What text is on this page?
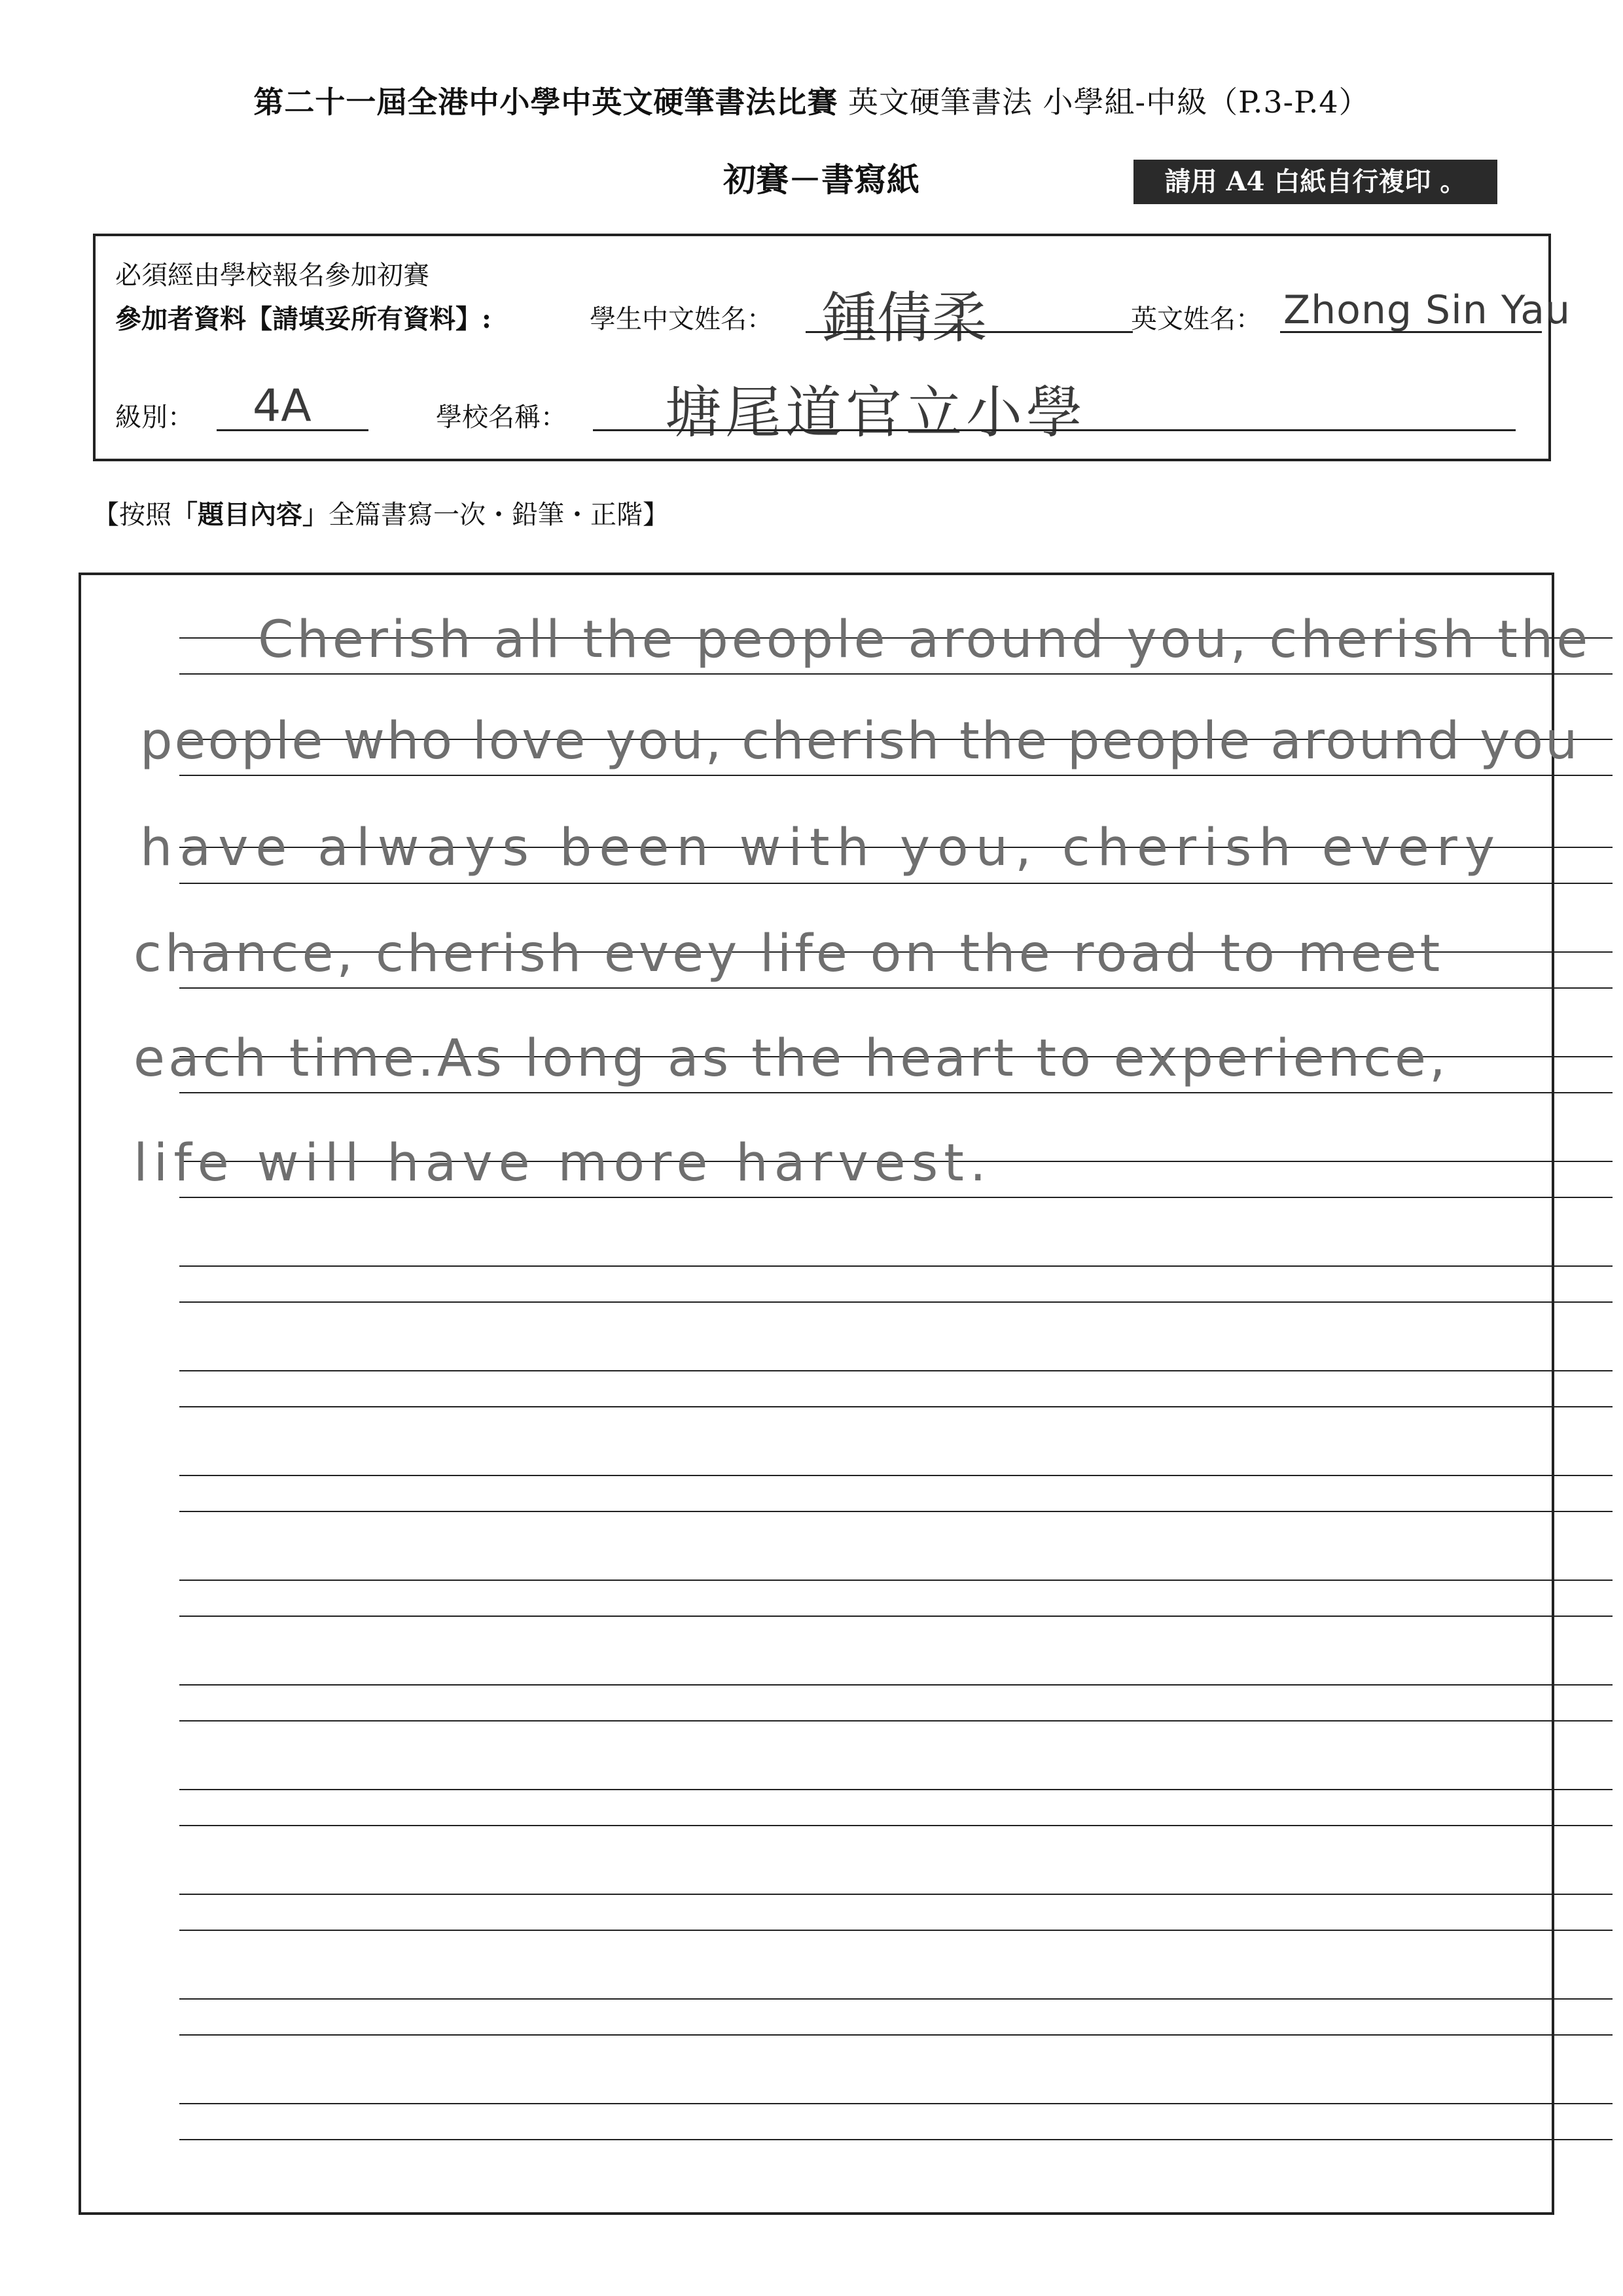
第二十一屆全港中小學中英文硬筆書法比賽 英文硬筆書法 小學組-中級（P.3-P.4）
初賽－書寫紙	請用 A4 白紙自行複印 。
必須經由學校報名參加初賽
參加者資料【請填妥所有資料】:	學生中文姓名： 鍾倩柔	英文姓名： Zhong Sin Yau
級別： 4A	學校名稱： 塘尾道官立小學
【按照「題目內容」全篇書寫一次・鉛筆・正階】
Cherish all the people around you, cherish the
people who love you, cherish the people around you
have always been with you, cherish every
chance, cherish evey life on the road to meet
each time.As long as the heart to experience,
life will have more harvest.
